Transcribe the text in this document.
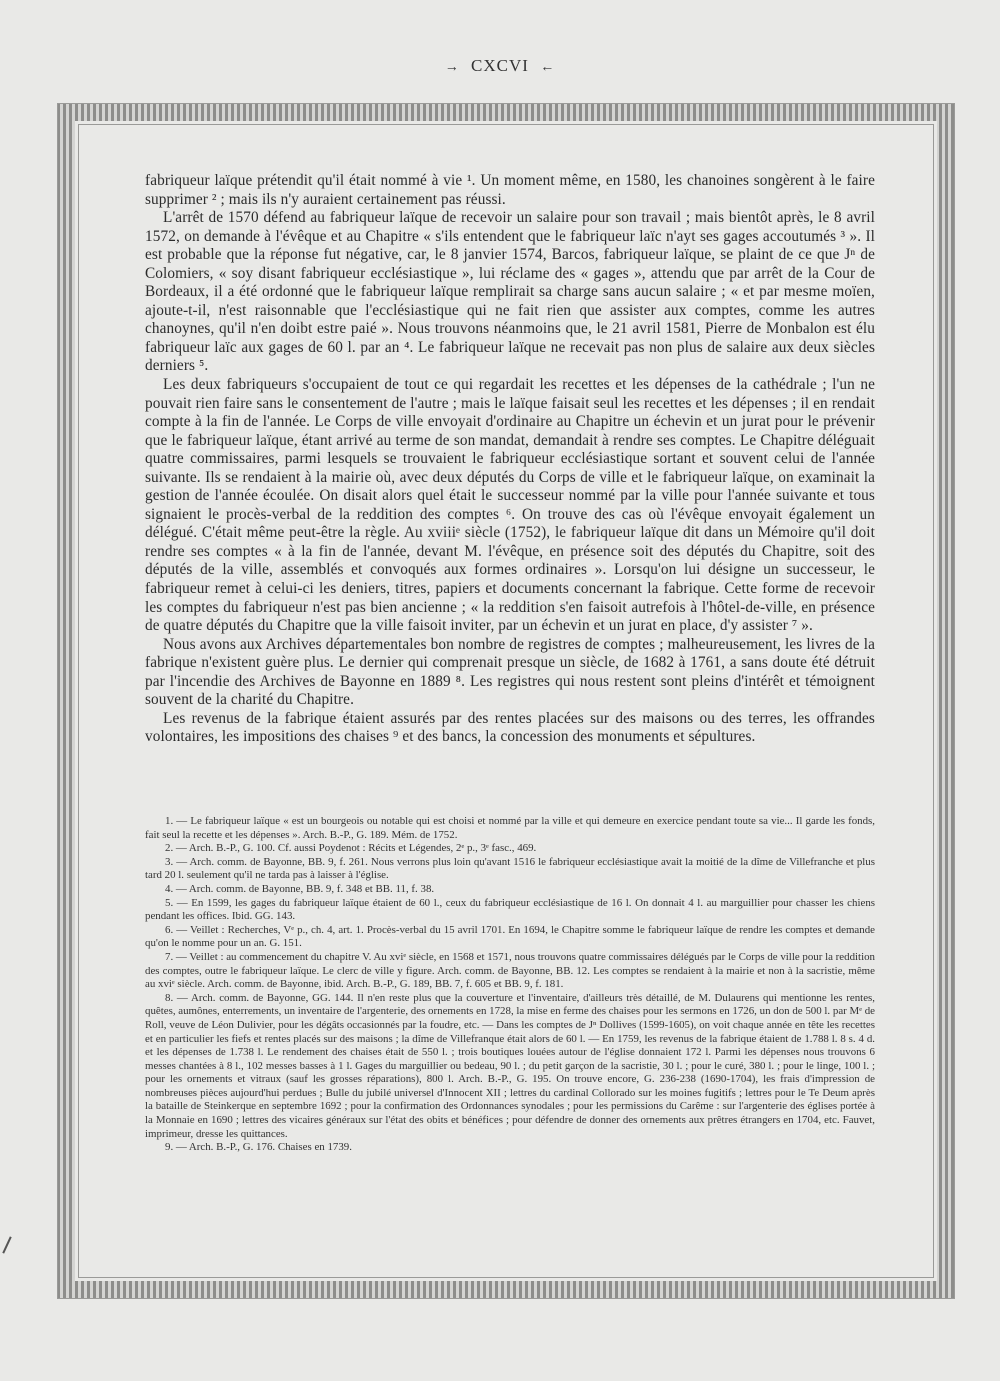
→ CXCVI ←

fabriqueur laïque prétendit qu'il était nommé à vie ¹. Un moment même, en 1580, les chanoines songèrent à le faire supprimer ² ; mais ils n'y auraient certainement pas réussi.

L'arrêt de 1570 défend au fabriqueur laïque de recevoir un salaire pour son travail ; mais bientôt après, le 8 avril 1572, on demande à l'évêque et au Chapitre « s'ils entendent que le fabriqueur laïc n'ayt ses gages accoutumés ³ ». Il est probable que la réponse fut négative, car, le 8 janvier 1574, Barcos, fabriqueur laïque, se plaint de ce que Jⁿ de Colomiers, « soy disant fabriqueur ecclésiastique », lui réclame des « gages », attendu que par arrêt de la Cour de Bordeaux, il a été ordonné que le fabriqueur laïque remplirait sa charge sans aucun salaire ; « et par mesme moïen, ajoute-t-il, n'est raisonnable que l'ecclésiastique qui ne fait rien que assister aux comptes, comme les autres chanoynes, qu'il n'en doibt estre paié ». Nous trouvons néanmoins que, le 21 avril 1581, Pierre de Monbalon est élu fabriqueur laïc aux gages de 60 l. par an ⁴. Le fabriqueur laïque ne recevait pas non plus de salaire aux deux siècles derniers ⁵.

Les deux fabriqueurs s'occupaient de tout ce qui regardait les recettes et les dépenses de la cathédrale ; l'un ne pouvait rien faire sans le consentement de l'autre ; mais le laïque faisait seul les recettes et les dépenses ; il en rendait compte à la fin de l'année. Le Corps de ville envoyait d'ordinaire au Chapitre un échevin et un jurat pour le prévenir que le fabriqueur laïque, étant arrivé au terme de son mandat, demandait à rendre ses comptes. Le Chapitre déléguait quatre commissaires, parmi lesquels se trouvaient le fabriqueur ecclésiastique sortant et souvent celui de l'année suivante. Ils se rendaient à la mairie où, avec deux députés du Corps de ville et le fabriqueur laïque, on examinait la gestion de l'année écoulée. On disait alors quel était le successeur nommé par la ville pour l'année suivante et tous signaient le procès-verbal de la reddition des comptes ⁶. On trouve des cas où l'évêque envoyait également un délégué. C'était même peut-être la règle. Au xviiiᵉ siècle (1752), le fabriqueur laïque dit dans un Mémoire qu'il doit rendre ses comptes « à la fin de l'année, devant M. l'évêque, en présence soit des députés du Chapitre, soit des députés de la ville, assemblés et convoqués aux formes ordinaires ». Lorsqu'on lui désigne un successeur, le fabriqueur remet à celui-ci les deniers, titres, papiers et documents concernant la fabrique. Cette forme de recevoir les comptes du fabriqueur n'est pas bien ancienne ; « la reddition s'en faisoit autrefois à l'hôtel-de-ville, en présence de quatre députés du Chapitre que la ville faisoit inviter, par un échevin et un jurat en place, d'y assister ⁷ ».

Nous avons aux Archives départementales bon nombre de registres de comptes ; malheureusement, les livres de la fabrique n'existent guère plus. Le dernier qui comprenait presque un siècle, de 1682 à 1761, a sans doute été détruit par l'incendie des Archives de Bayonne en 1889 ⁸. Les registres qui nous restent sont pleins d'intérêt et témoignent souvent de la charité du Chapitre.

Les revenus de la fabrique étaient assurés par des rentes placées sur des maisons ou des terres, les offrandes volontaires, les impositions des chaises ⁹ et des bancs, la concession des monuments et sépultures.

1. — Le fabriqueur laïque « est un bourgeois ou notable qui est choisi et nommé par la ville et qui demeure en exercice pendant toute sa vie... Il garde les fonds, fait seul la recette et les dépenses ». Arch. B.-P., G. 189. Mém. de 1752.

2. — Arch. B.-P., G. 100. Cf. aussi Poydenot : Récits et Légendes, 2ᵉ p., 3ᵉ fasc., 469.

3. — Arch. comm. de Bayonne, BB. 9, f. 261. Nous verrons plus loin qu'avant 1516 le fabriqueur ecclésiastique avait la moitié de la dîme de Villefranche et plus tard 20 l. seulement qu'il ne tarda pas à laisser à l'église.

4. — Arch. comm. de Bayonne, BB. 9, f. 348 et BB. 11, f. 38.

5. — En 1599, les gages du fabriqueur laïque étaient de 60 l., ceux du fabriqueur ecclésiastique de 16 l. On donnait 4 l. au marguillier pour chasser les chiens pendant les offices. Ibid. GG. 143.

6. — Veillet : Recherches, Vᵉ p., ch. 4, art. 1. Procès-verbal du 15 avril 1701. En 1694, le Chapitre somme le fabriqueur laïque de rendre les comptes et demande qu'on le nomme pour un an. G. 151.

7. — Veillet : au commencement du chapitre V. Au xviᵉ siècle, en 1568 et 1571, nous trouvons quatre commissaires délégués par le Corps de ville pour la reddition des comptes, outre le fabriqueur laïque. Le clerc de ville y figure. Arch. comm. de Bayonne, BB. 12. Les comptes se rendaient à la mairie et non à la sacristie, même au xviᵉ siècle. Arch. comm. de Bayonne, ibid. Arch. B.-P., G. 189, BB. 7, f. 605 et BB. 9, f. 181.

8. — Arch. comm. de Bayonne, GG. 144. Il n'en reste plus que la couverture et l'inventaire, d'ailleurs très détaillé, de M. Dulaurens qui mentionne les rentes, quêtes, aumônes, enterrements, un inventaire de l'argenterie, des ornements en 1728, la mise en ferme des chaises pour les sermons en 1726, un don de 500 l. par Mᵉ de Roll, veuve de Léon Dulivier, pour les dégâts occasionnés par la foudre, etc. — Dans les comptes de Jⁿ Dollives (1599-1605), on voit chaque année en tête les recettes et en particulier les fiefs et rentes placés sur des maisons ; la dîme de Villefranque était alors de 60 l. — En 1759, les revenus de la fabrique étaient de 1.788 l. 8 s. 4 d. et les dépenses de 1.738 l. Le rendement des chaises était de 550 l. ; trois boutiques louées autour de l'église donnaient 172 l. Parmi les dépenses nous trouvons 6 messes chantées à 8 l., 102 messes basses à 1 l. Gages du marguillier ou bedeau, 90 l. ; du petit garçon de la sacristie, 30 l. ; pour le curé, 380 l. ; pour le linge, 100 l. ; pour les ornements et vitraux (sauf les grosses réparations), 800 l. Arch. B.-P., G. 195. On trouve encore, G. 236-238 (1690-1704), les frais d'impression de nombreuses pièces aujourd'hui perdues ; Bulle du jubilé universel d'Innocent XII ; lettres du cardinal Collorado sur les moines fugitifs ; lettres pour le Te Deum après la bataille de Steinkerque en septembre 1692 ; pour la confirmation des Ordonnances synodales ; pour les permissions du Carême : sur l'argenterie des églises portée à la Monnaie en 1690 ; lettres des vicaires généraux sur l'état des obits et bénéfices ; pour défendre de donner des ornements aux prêtres étrangers en 1704, etc. Fauvet, imprimeur, dresse les quittances.

9. — Arch. B.-P., G. 176. Chaises en 1739.
